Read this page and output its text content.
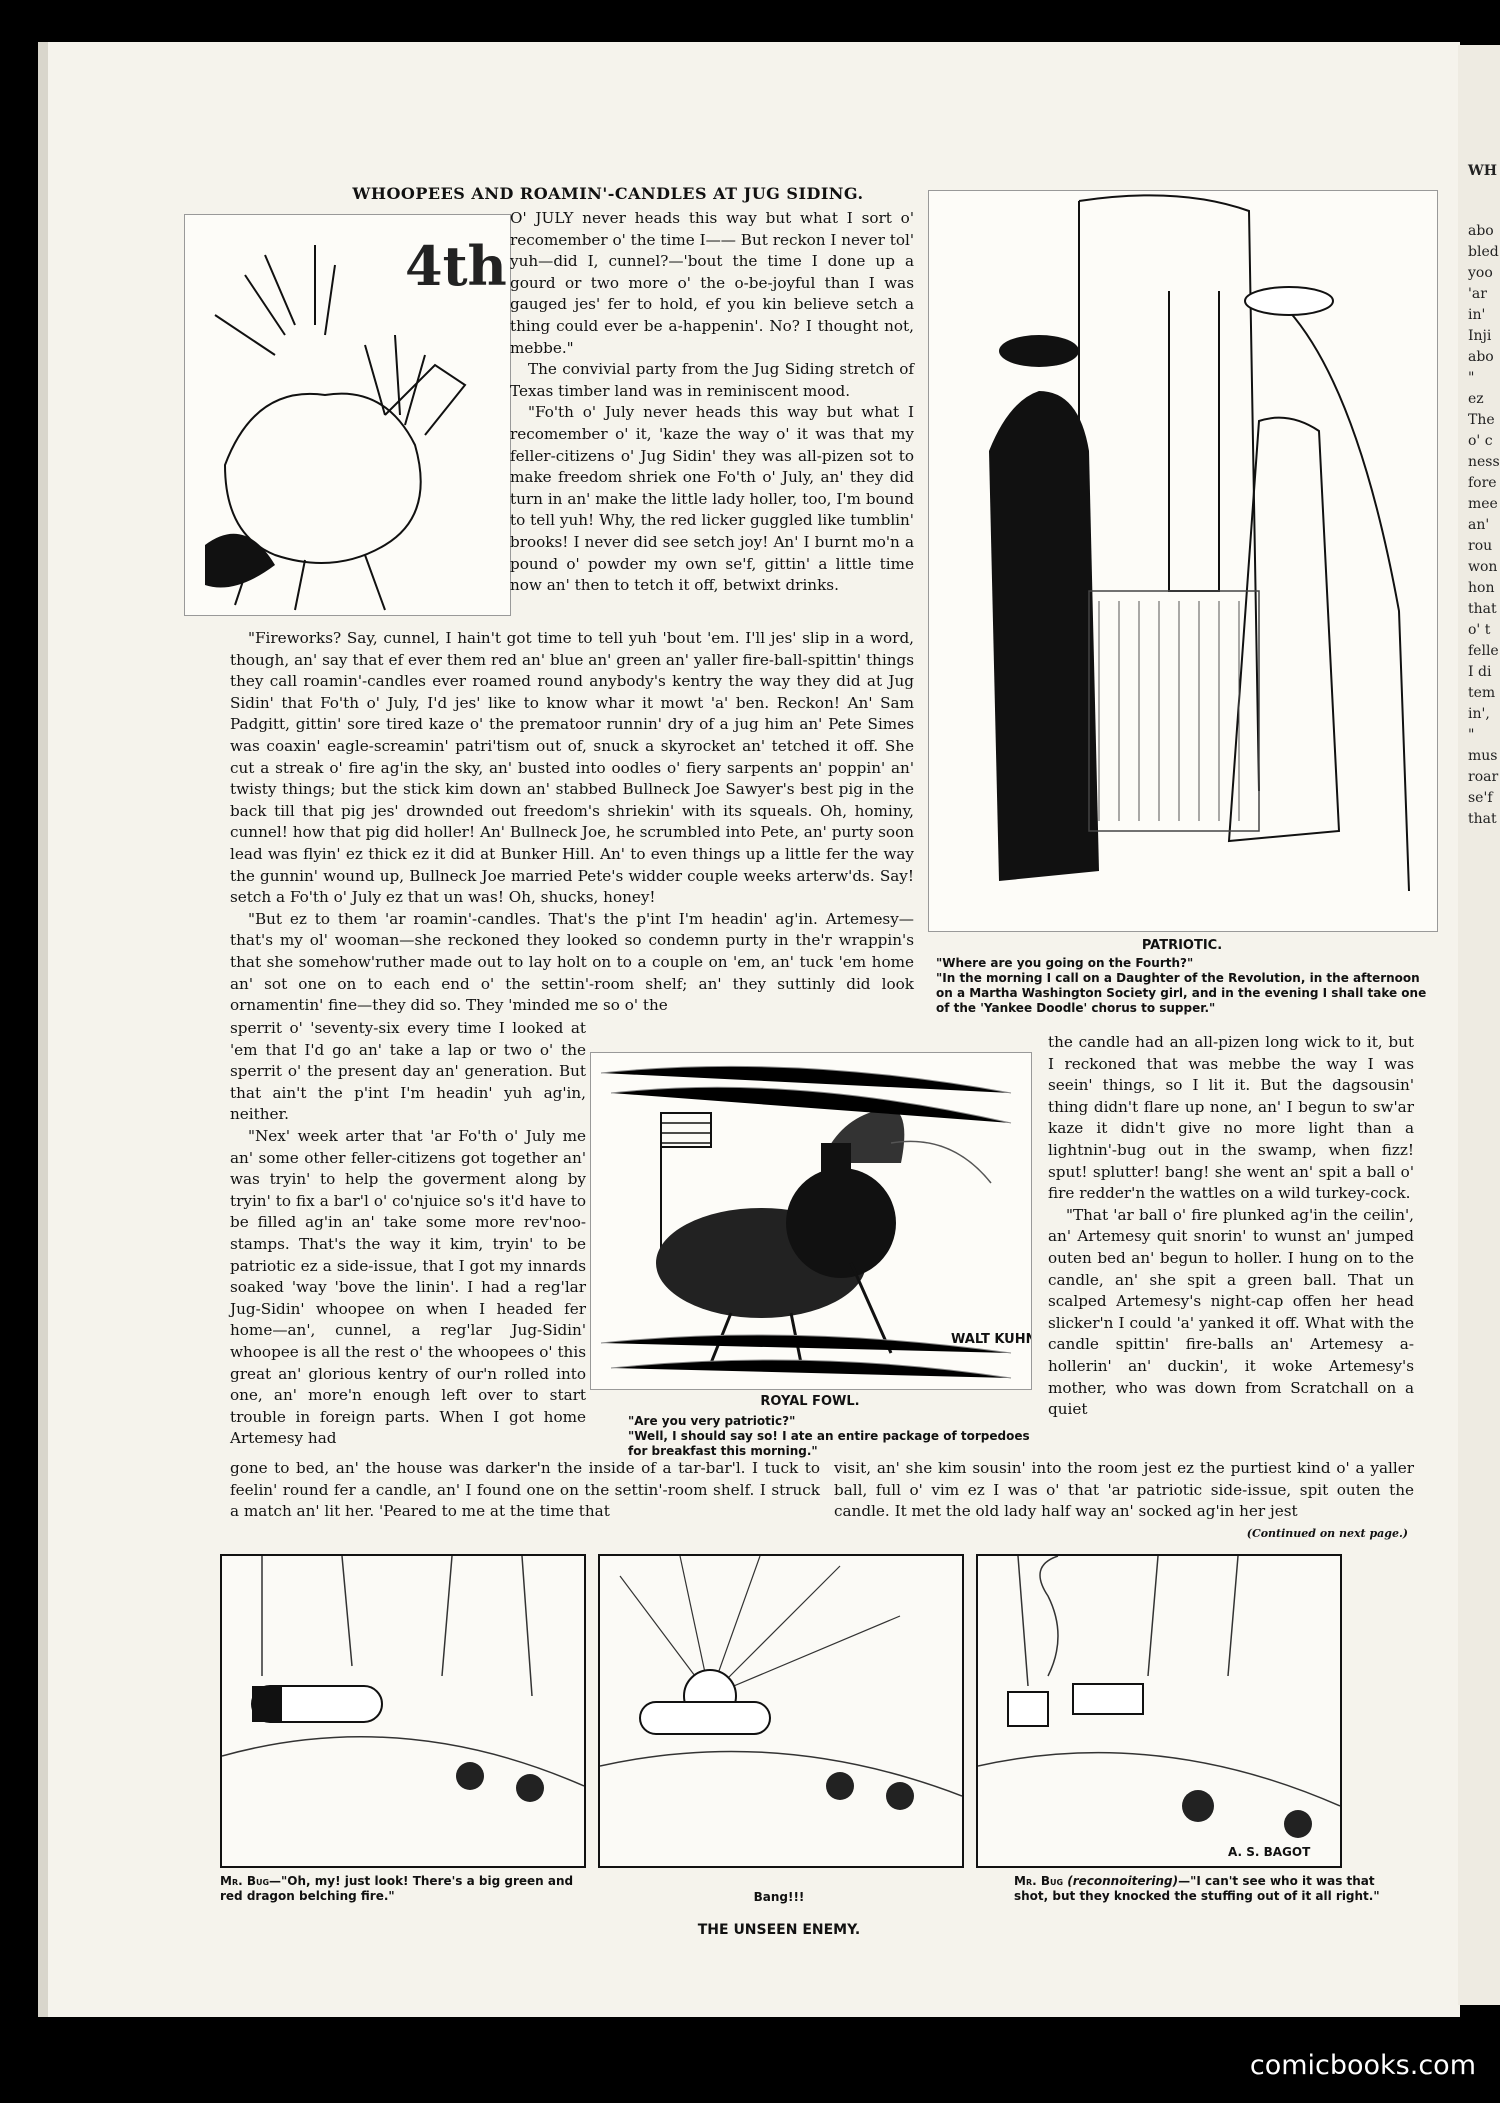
WHOOPEES AND ROAMIN'-CANDLES AT JUG SIDING.
4th

O' JULY never heads this way but what I sort o' recomember o' the time I—— But reckon I never tol' yuh—did I, cunnel?—'bout the time I done up a gourd or two more o' the o-be-joyful than I was gauged jes' fer to hold, ef you kin believe setch a thing could ever be a-happenin'. No? I thought not, mebbe."

The convivial party from the Jug Siding stretch of Texas timber land was in reminiscent mood.

"Fo'th o' July never heads this way but what I recomember o' it, 'kaze the way o' it was that my feller-citizens o' Jug Sidin' they was all-pizen sot to make freedom shriek one Fo'th o' July, an' they did turn in an' make the little lady holler, too, I'm bound to tell yuh! Why, the red licker guggled like tumblin' brooks! I never did see setch joy! An' I burnt mo'n a pound o' powder my own se'f, gittin' a little time now an' then to tetch it off, betwixt drinks.

"Fireworks? Say, cunnel, I hain't got time to tell yuh 'bout 'em. I'll jes' slip in a word, though, an' say that ef ever them red an' blue an' green an' yaller fire-ball-spittin' things they call roamin'-candles ever roamed round anybody's kentry the way they did at Jug Sidin' that Fo'th o' July, I'd jes' like to know whar it mowt 'a' ben. Reckon! An' Sam Padgitt, gittin' sore tired kaze o' the prematoor runnin' dry of a jug him an' Pete Simes was coaxin' eagle-screamin' patri'tism out of, snuck a skyrocket an' tetched it off. She cut a streak o' fire ag'in the sky, an' busted into oodles o' fiery sarpents an' poppin' an' twisty things; but the stick kim down an' stabbed Bullneck Joe Sawyer's best pig in the back till that pig jes' drownded out freedom's shriekin' with its squeals. Oh, hominy, cunnel! how that pig did holler! An' Bullneck Joe, he scrumbled into Pete, an' purty soon lead was flyin' ez thick ez it did at Bunker Hill. An' to even things up a little fer the way the gunnin' wound up, Bullneck Joe married Pete's widder couple weeks arterw'ds. Say! setch a Fo'th o' July ez that un was! Oh, shucks, honey!

"But ez to them 'ar roamin'-candles. That's the p'int I'm headin' ag'in. Artemesy—that's my ol' wooman—she reckoned they looked so condemn purty in the'r wrappin's that she somehow'ruther made out to lay holt on to a couple on 'em, an' tuck 'em home an' sot one on to each end o' the settin'-room shelf; an' they suttinly did look ornamentin' fine—they did so. They 'minded me so o' the

PATRIOTIC.
"Where are you going on the Fourth?"
"In the morning I call on a Daughter of the Revolution, in the afternoon on a Martha Washington Society girl, and in the evening I shall take one of the 'Yankee Doodle' chorus to supper."

sperrit o' 'seventy-six every time I looked at 'em that I'd go an' take a lap or two o' the sperrit o' the present day an' generation. But that ain't the p'int I'm headin' yuh ag'in, neither.

"Nex' week arter that 'ar Fo'th o' July me an' some other feller-citizens got together an' was tryin' to help the goverment along by tryin' to fix a bar'l o' co'njuice so's it'd have to be filled ag'in an' take some more rev'noo-stamps. That's the way it kim, tryin' to be patriotic ez a side-issue, that I got my innards soaked 'way 'bove the linin'. I had a reg'lar Jug-Sidin' whoopee on when I headed fer home—an', cunnel, a reg'lar Jug-Sidin' whoopee is all the rest o' the whoopees o' this great an' glorious kentry of our'n rolled into one, an' more'n enough left over to start trouble in foreign parts. When I got home Artemesy had

WALT KUHN
ROYAL FOWL.
"Are you very patriotic?"
"Well, I should say so! I ate an entire package of torpedoes for breakfast this morning."

the candle had an all-pizen long wick to it, but I reckoned that was mebbe the way I was seein' things, so I lit it. But the dagsousin' thing didn't flare up none, an' I begun to sw'ar kaze it didn't give no more light than a lightnin'-bug out in the swamp, when fizz! sput! splutter! bang! she went an' spit a ball o' fire redder'n the wattles on a wild turkey-cock.

"That 'ar ball o' fire plunked ag'in the ceilin', an' Artemesy quit snorin' to wunst an' jumped outen bed an' begun to holler. I hung on to the candle, an' she spit a green ball. That un scalped Artemesy's night-cap offen her head slicker'n I could 'a' yanked it off. What with the candle spittin' fire-balls an' Artemesy a-hollerin' an' duckin', it woke Artemesy's mother, who was down from Scratchall on a quiet

gone to bed, an' the house was darker'n the inside of a tar-bar'l. I tuck to feelin' round fer a candle, an' I found one on the settin'-room shelf. I struck a match an' lit her. 'Peared to me at the time that
visit, an' she kim sousin' into the room jest ez the purtiest kind o' a yaller ball, full o' vim ez I was o' that 'ar patriotic side-issue, spit outen the candle. It met the old lady half way an' socked ag'in her jest
(Continued on next page.)
A. S. BAGOT
Mr. Bug—"Oh, my! just look! There's a big green and red dragon belching fire."	Bang!!!
Mr. Bug (reconnoitering)—"I can't see who it was that shot, but they knocked the stuffing out of it all right."
THE UNSEEN ENEMY.
WH
abo
bled
yoo
'ar
in'
Inji
abo
"
ez
The
o' c
ness
fore
mee
an'
rou
won
hon
that
o' t
felle
I di
tem
in',
"
mus
roar
se'f
that
comicbooks.com
